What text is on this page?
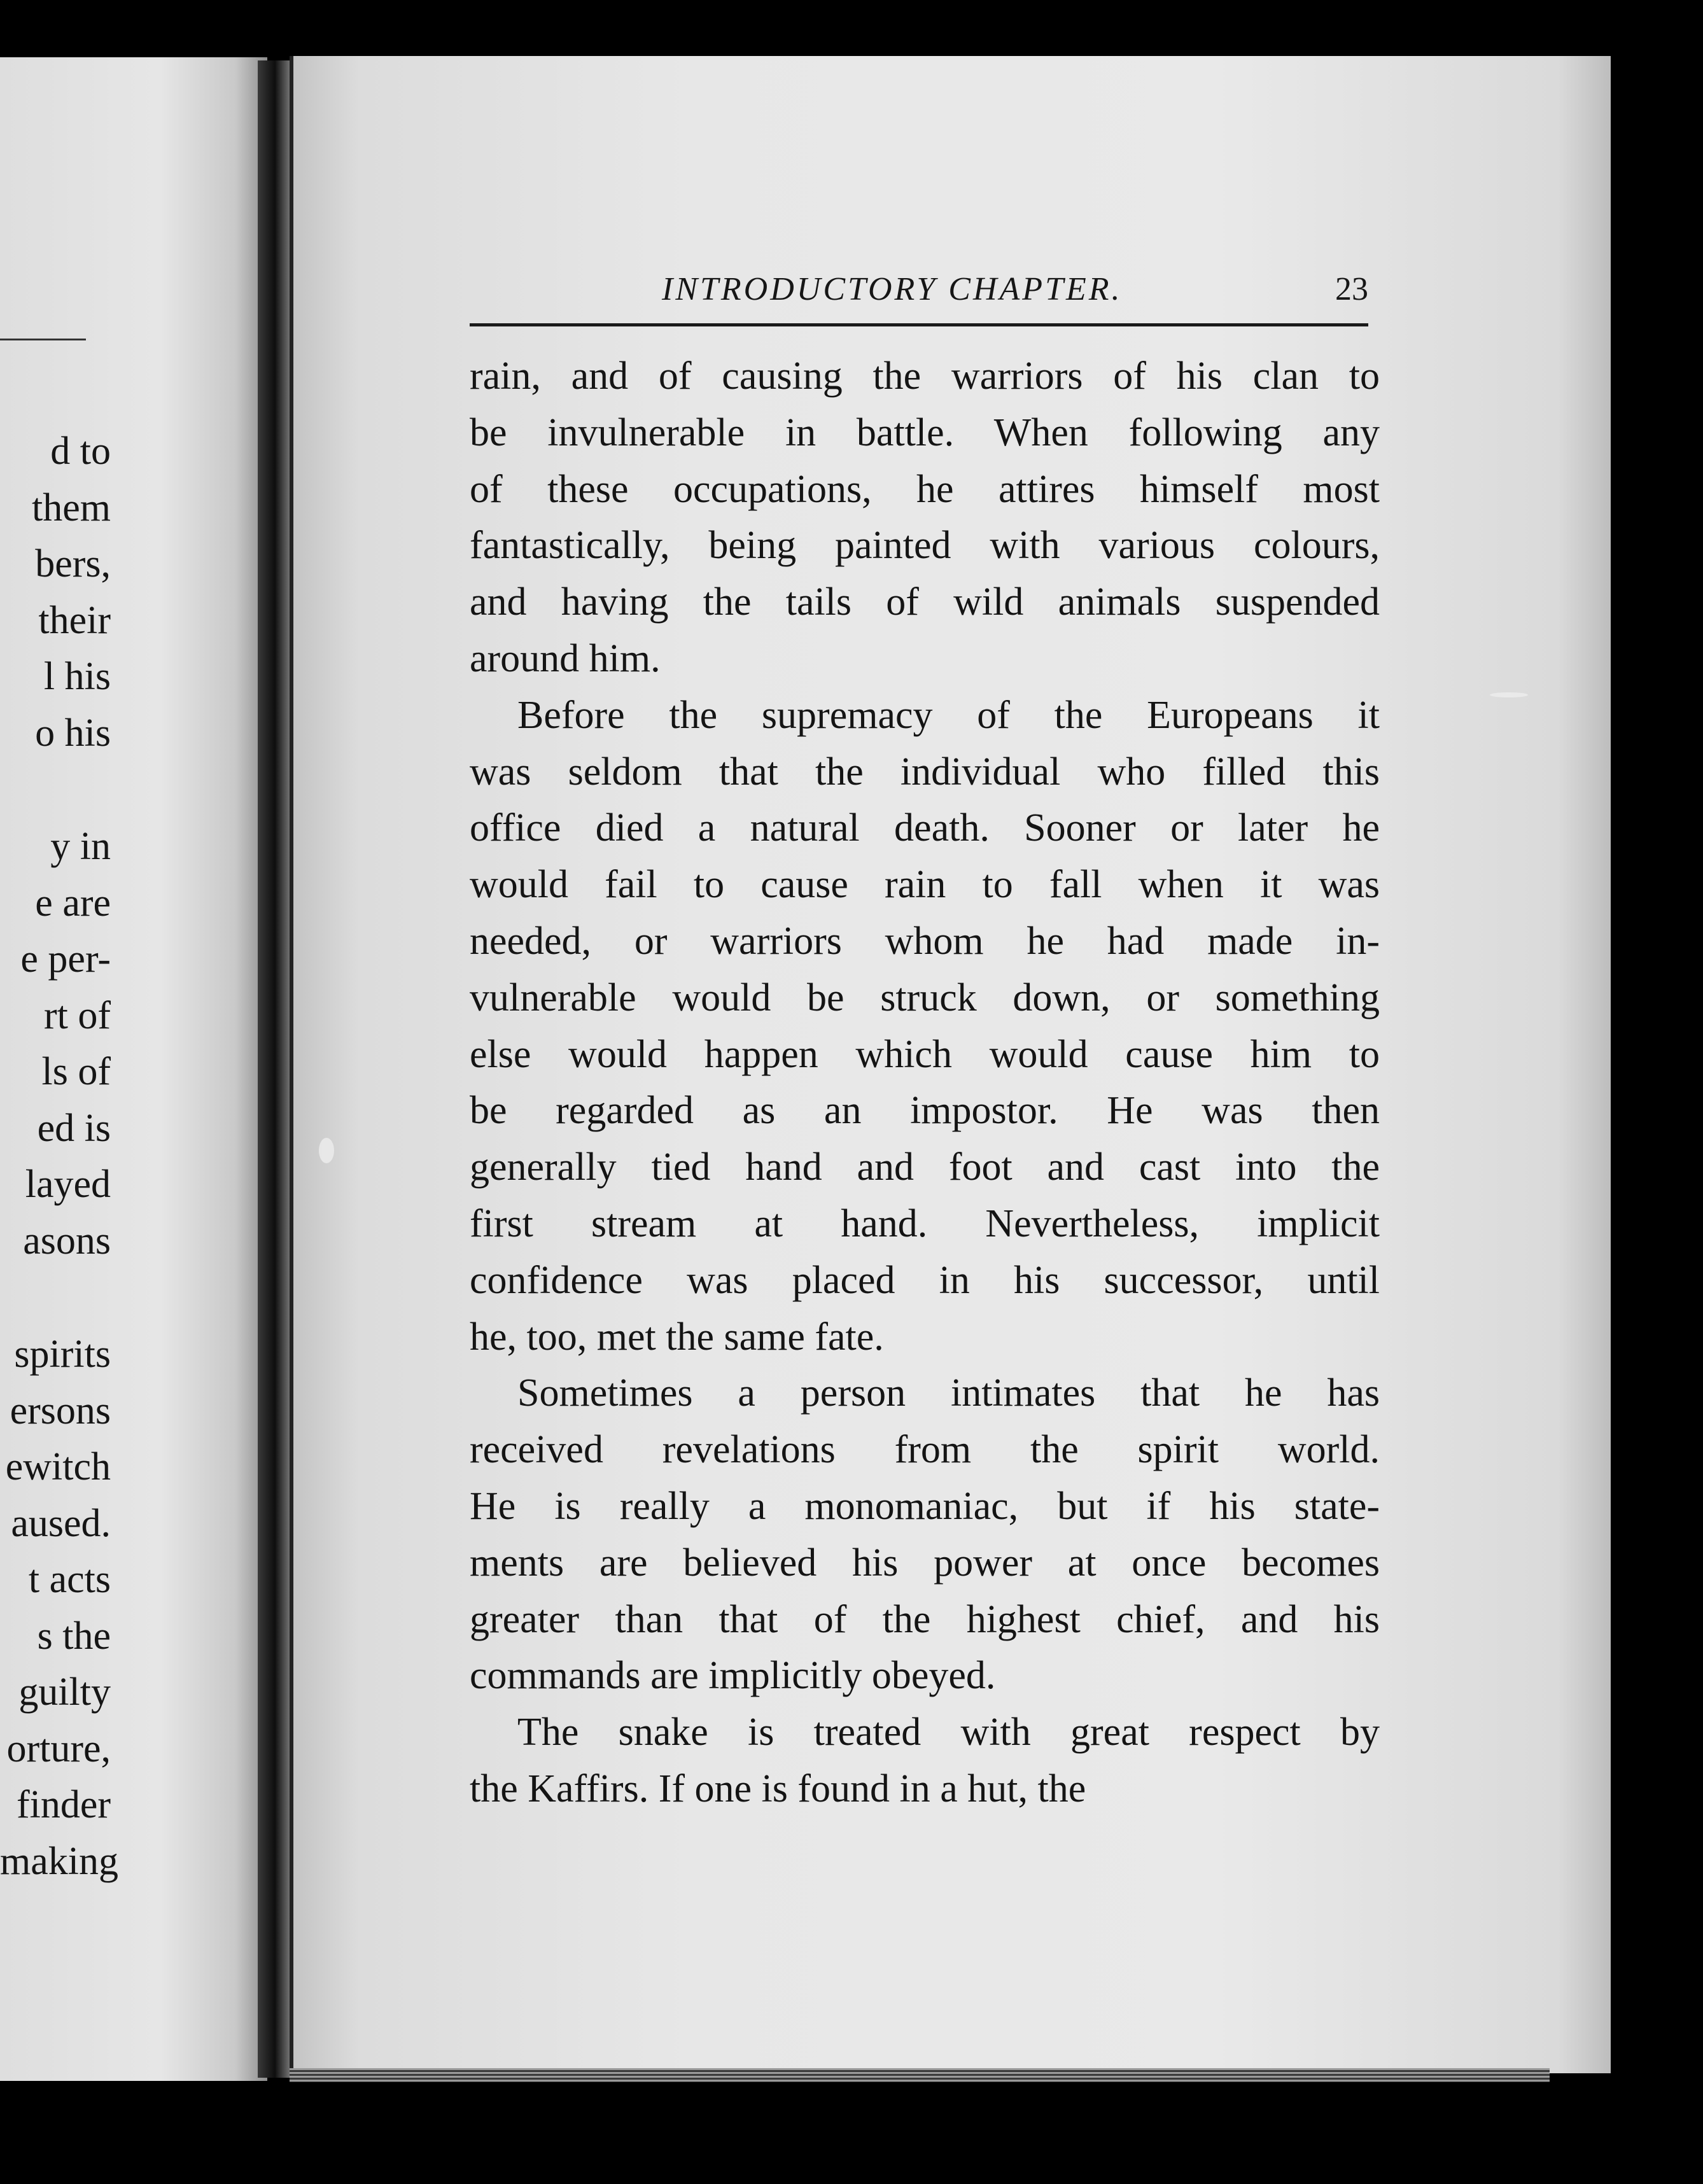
d to
them
bers,
their
l his
o his
y in
e are
e per-
rt of
ls of
ed is
layed
asons
spirits
ersons
ewitch
aused.
t acts
s the
guilty
orture,
finder
making
INTRODUCTORY CHAPTER.	23
rain, and of causing the warriors of his clan to
be invulnerable in battle. When following any
of these occupations, he attires himself most
fantastically, being painted with various colours,
and having the tails of wild animals suspended
around him.
Before the supremacy of the Europeans it
was seldom that the individual who filled this
office died a natural death. Sooner or later he
would fail to cause rain to fall when it was
needed, or warriors whom he had made in-
vulnerable would be struck down, or something
else would happen which would cause him to
be regarded as an impostor. He was then
generally tied hand and foot and cast into the
first stream at hand. Nevertheless, implicit
confidence was placed in his successor, until
he, too, met the same fate.
Sometimes a person intimates that he has
received revelations from the spirit world.
He is really a monomaniac, but if his state-
ments are believed his power at once becomes
greater than that of the highest chief, and his
commands are implicitly obeyed.
The snake is treated with great respect by
the Kaffirs. If one is found in a hut, the
